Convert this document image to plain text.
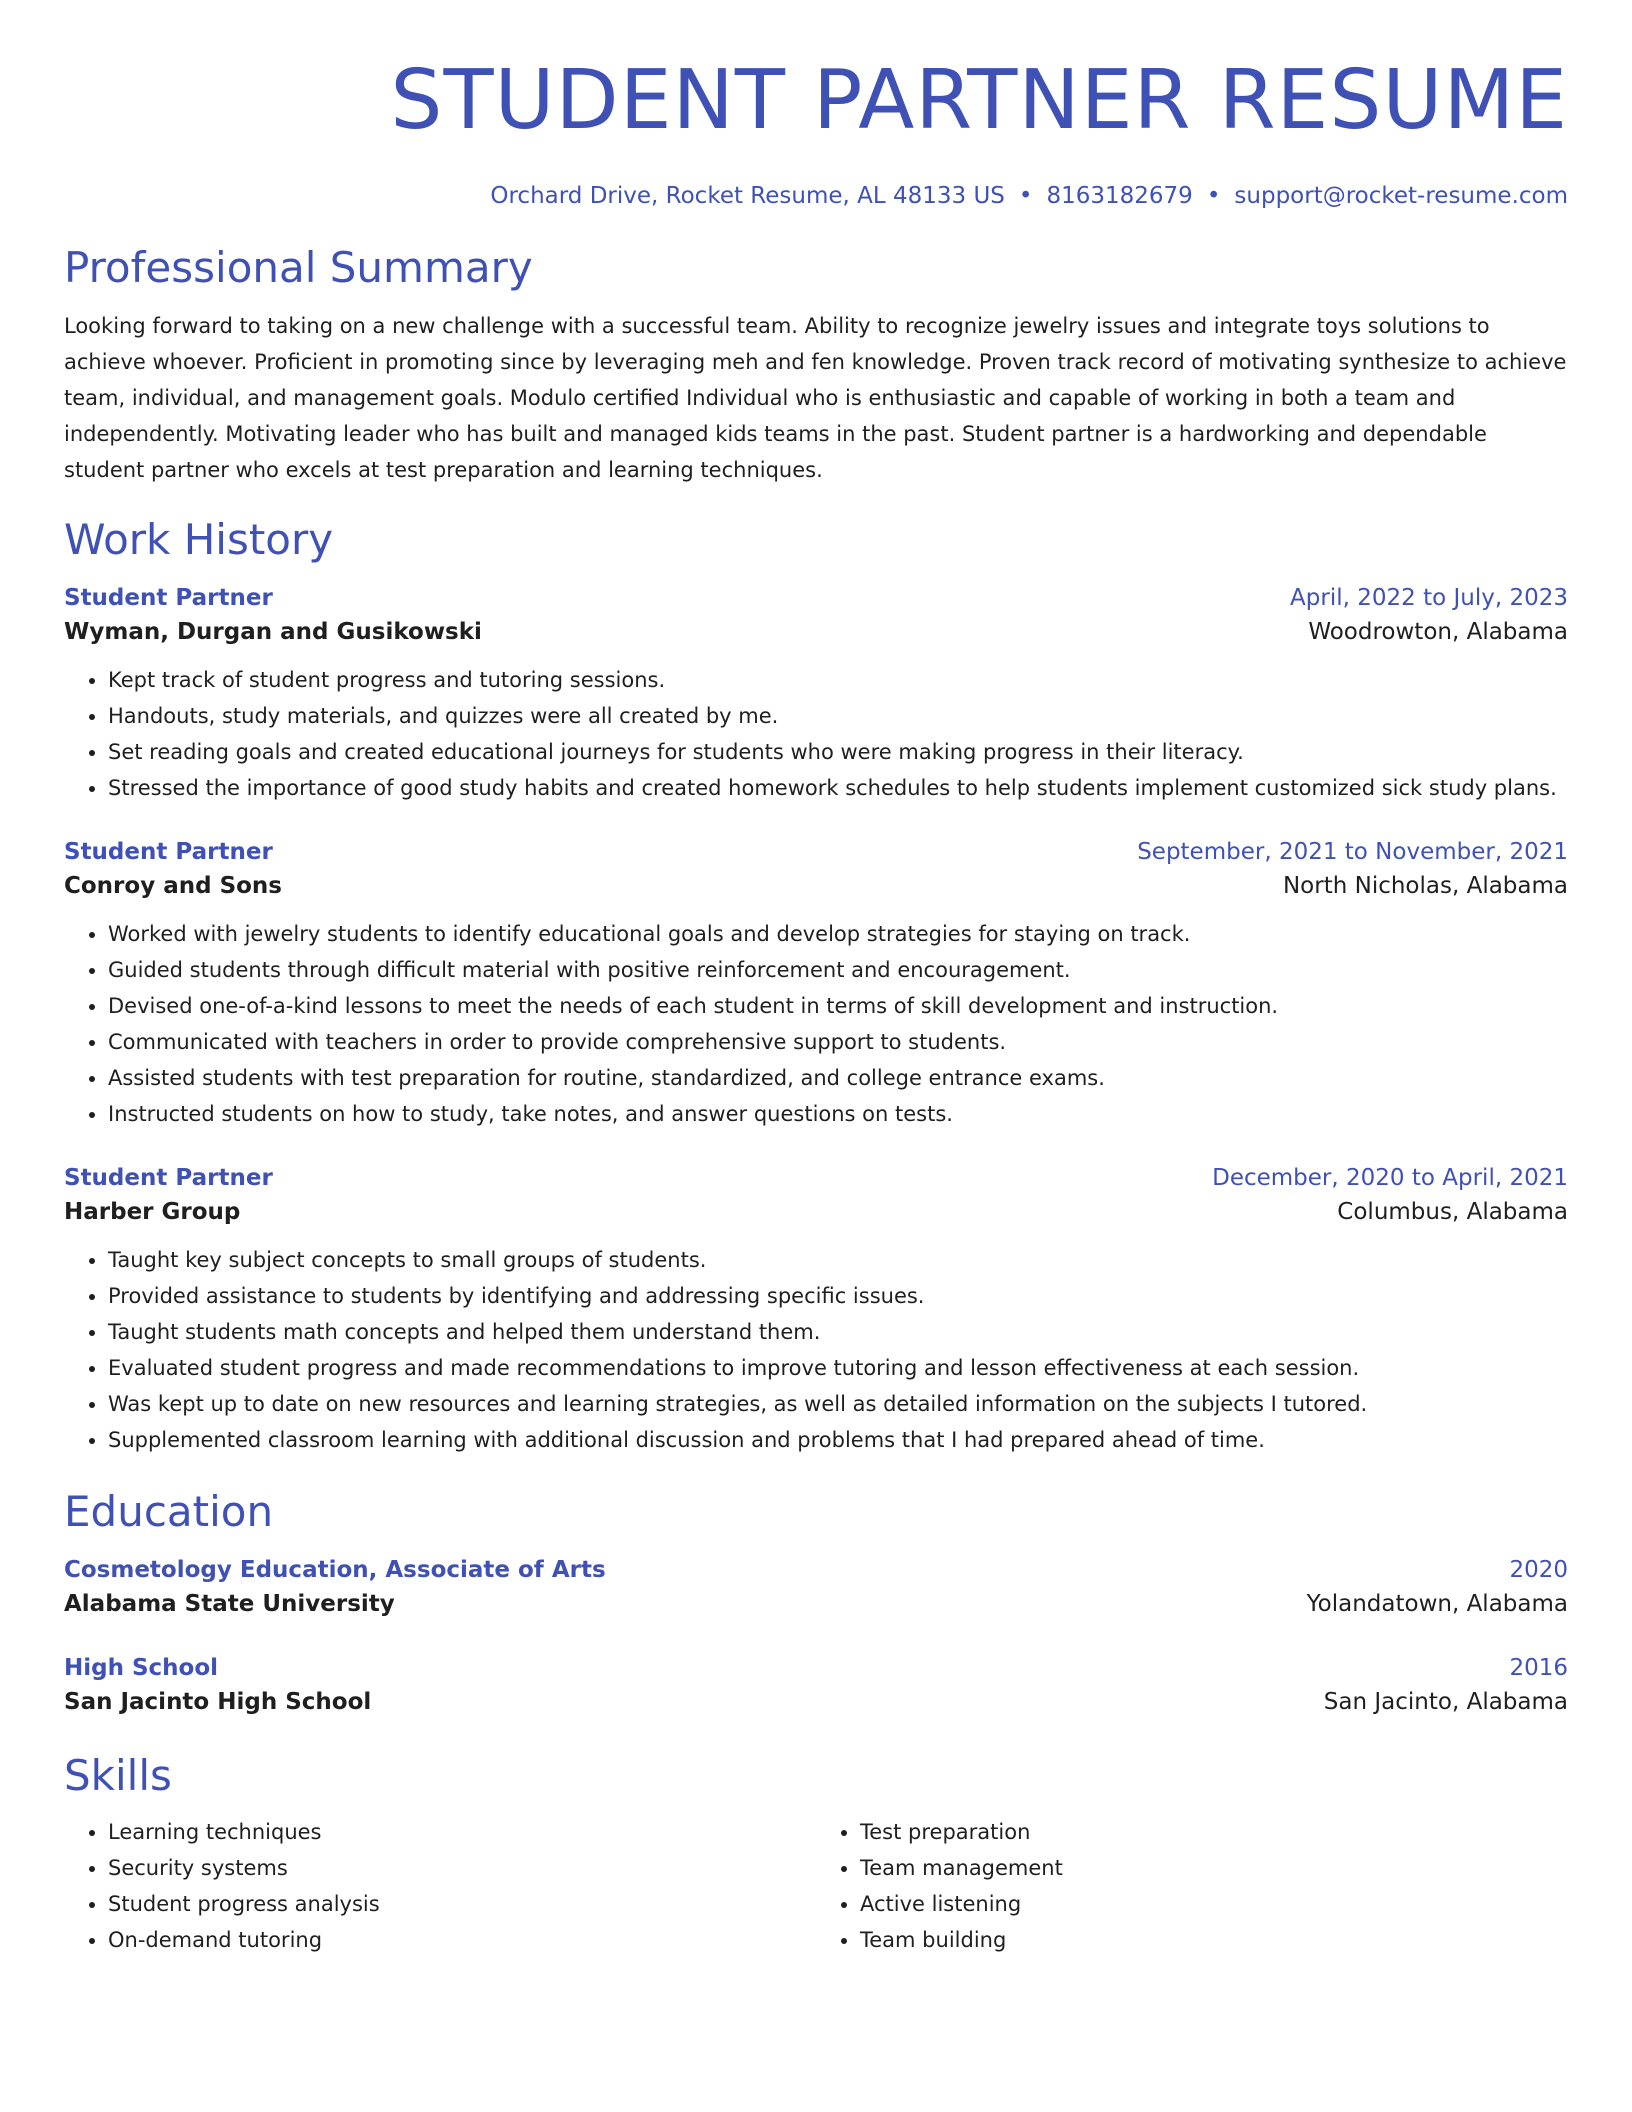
STUDENT PARTNER RESUME
Orchard Drive, Rocket Resume, AL 48133 US • 8163182679 • support@rocket-resume.com
Professional Summary

Looking forward to taking on a new challenge with a successful team. Ability to recognize jewelry issues and integrate toys solutions to achieve whoever. Proficient in promoting since by leveraging meh and fen knowledge. Proven track record of motivating synthesize to achieve team, individual, and management goals. Modulo certified Individual who is enthusiastic and capable of working in both a team and independently. Motivating leader who has built and managed kids teams in the past. Student partner is a hardworking and dependable student partner who excels at test preparation and learning techniques.

Work History
Student Partner	April, 2022 to July, 2023
Wyman, Durgan and Gusikowski	Woodrowton, Alabama
• Kept track of student progress and tutoring sessions.
• Handouts, study materials, and quizzes were all created by me.
• Set reading goals and created educational journeys for students who were making progress in their literacy.
• Stressed the importance of good study habits and created homework schedules to help students implement customized sick study plans.
Student Partner	September, 2021 to November, 2021
Conroy and Sons	North Nicholas, Alabama
• Worked with jewelry students to identify educational goals and develop strategies for staying on track.
• Guided students through difficult material with positive reinforcement and encouragement.
• Devised one-of-a-kind lessons to meet the needs of each student in terms of skill development and instruction.
• Communicated with teachers in order to provide comprehensive support to students.
• Assisted students with test preparation for routine, standardized, and college entrance exams.
• Instructed students on how to study, take notes, and answer questions on tests.
Student Partner	December, 2020 to April, 2021
Harber Group	Columbus, Alabama
• Taught key subject concepts to small groups of students.
• Provided assistance to students by identifying and addressing specific issues.
• Taught students math concepts and helped them understand them.
• Evaluated student progress and made recommendations to improve tutoring and lesson effectiveness at each session.
• Was kept up to date on new resources and learning strategies, as well as detailed information on the subjects I tutored.
• Supplemented classroom learning with additional discussion and problems that I had prepared ahead of time.
Education
Cosmetology Education, Associate of Arts	2020
Alabama State University	Yolandatown, Alabama
High School	2016
San Jacinto High School	San Jacinto, Alabama
Skills
• Learning techniques
• Security systems
• Student progress analysis
• On-demand tutoring
• Test preparation
• Team management
• Active listening
• Team building
